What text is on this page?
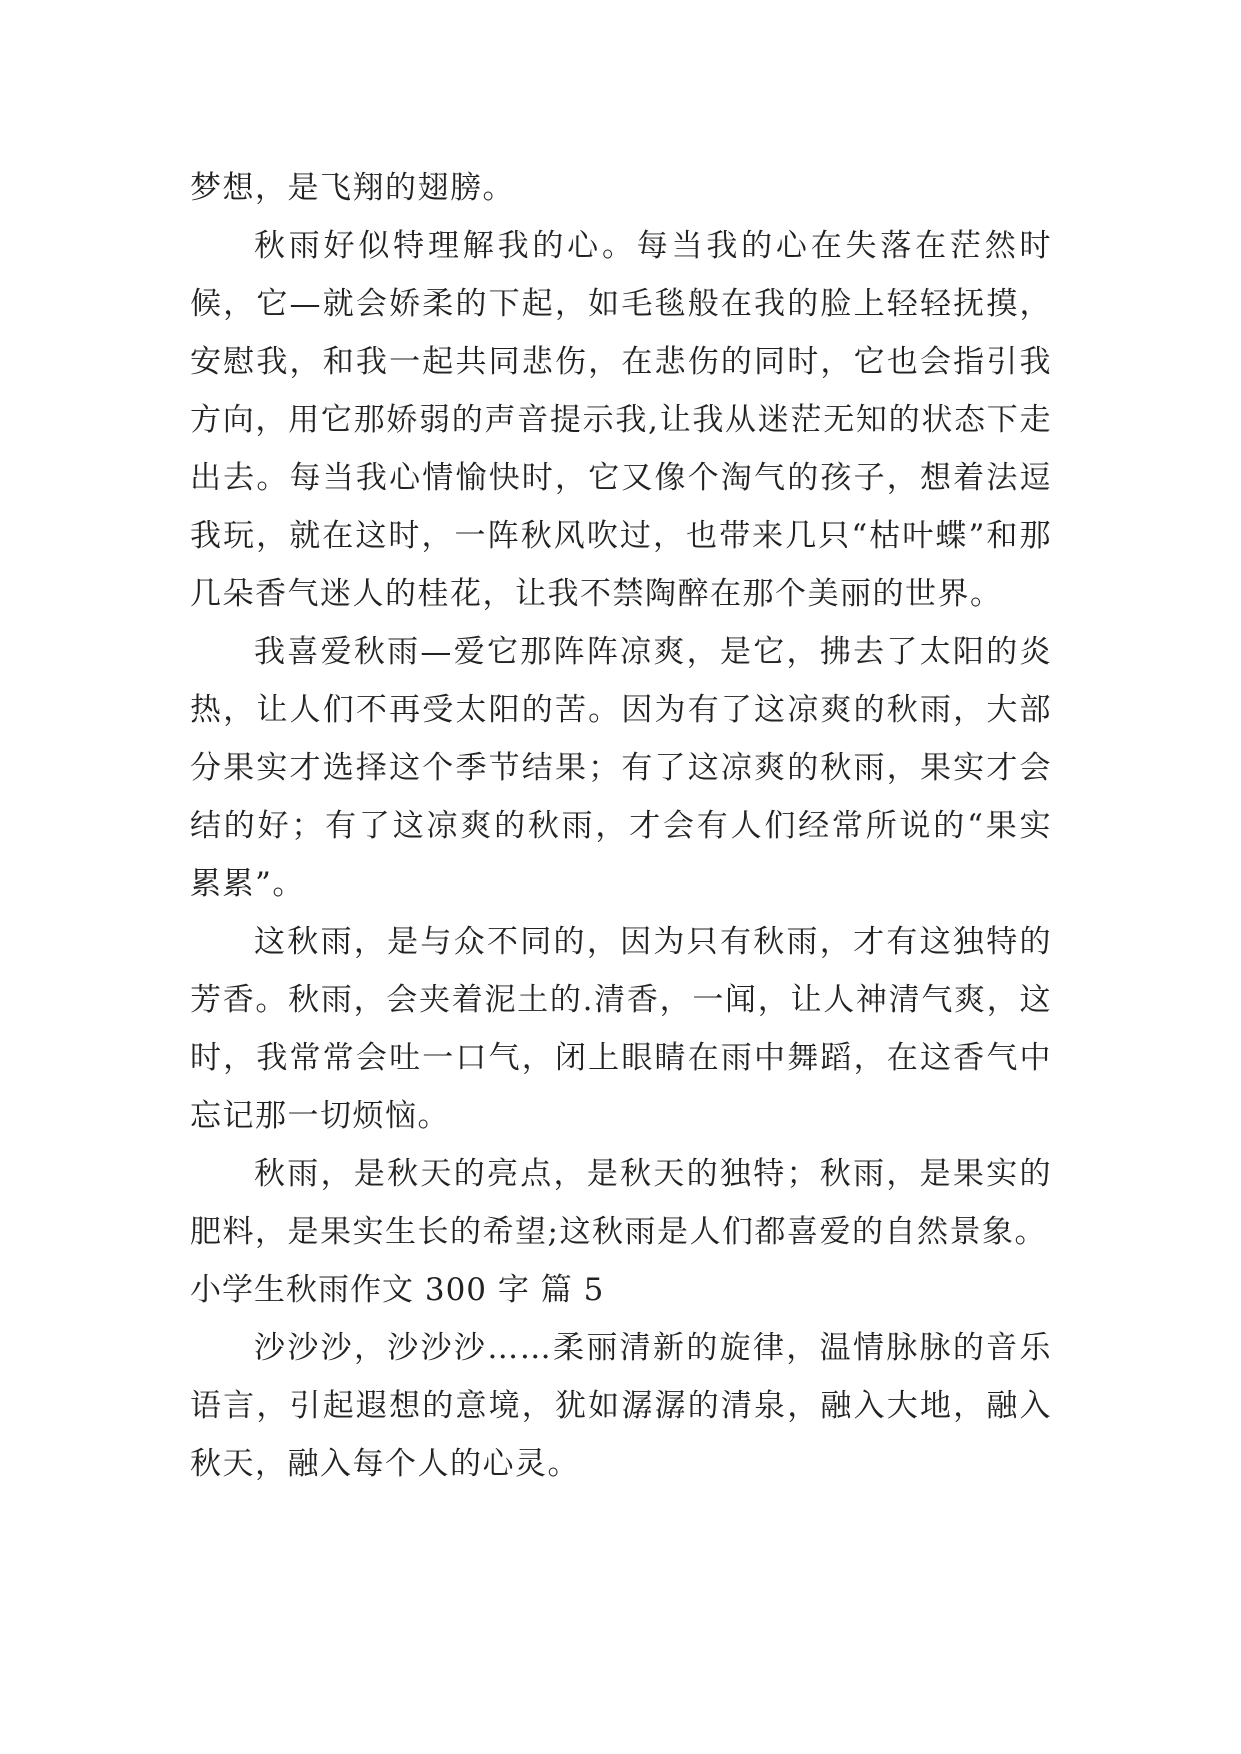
梦想，是飞翔的翅膀。

秋雨好似特理解我的心。每当我的心在失落在茫然时候，它—就会娇柔的下起，如毛毯般在我的脸上轻轻抚摸，安慰我，和我一起共同悲伤，在悲伤的同时，它也会指引我方向，用它那娇弱的声音提示我,让我从迷茫无知的状态下走出去。每当我心情愉快时，它又像个淘气的孩子，想着法逗我玩，就在这时，一阵秋风吹过，也带来几只“枯叶蝶”和那几朵香气迷人的桂花，让我不禁陶醉在那个美丽的世界。

我喜爱秋雨—爱它那阵阵凉爽，是它，拂去了太阳的炎热，让人们不再受太阳的苦。因为有了这凉爽的秋雨，大部分果实才选择这个季节结果；有了这凉爽的秋雨，果实才会结的好；有了这凉爽的秋雨，才会有人们经常所说的“果实累累”。

这秋雨，是与众不同的，因为只有秋雨，才有这独特的芳香。秋雨，会夹着泥土的.清香，一闻，让人神清气爽，这时，我常常会吐一口气，闭上眼睛在雨中舞蹈，在这香气中忘记那一切烦恼。

秋雨，是秋天的亮点，是秋天的独特；秋雨，是果实的肥料，是果实生长的希望;这秋雨是人们都喜爱的自然景象。

小学生秋雨作文 300 字 篇 5

沙沙沙，沙沙沙……柔丽清新的旋律，温情脉脉的音乐语言，引起遐想的意境，犹如潺潺的清泉，融入大地，融入秋天，融入每个人的心灵。
